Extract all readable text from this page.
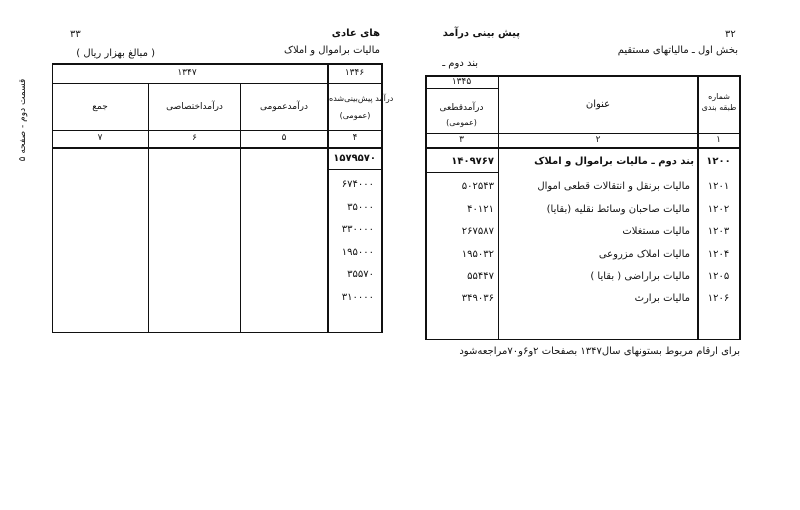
۳۳	های عادی
مالیات براموال و املاک
( مبالغ بهزار ریال )
قسمت دوم - صفحه ۵
۱۳۴۷	۱۳۴۶
جمع	درآمداختصاصی	درآمدعمومی
درآمد پیش‌بینی‌شده
(عمومی)
۷	۶	۵	۴
۱۵۷۹۵۷۰
۶۷۴۰۰۰
۳۵۰۰۰
۳۳۰۰۰۰
۱۹۵۰۰۰
۳۵۵۷۰
۳۱۰۰۰۰
۳۲
پیش بینی درآمد
بخش اول ـ مالیاتهای مستقیم
بند دوم ـ
۱۳۴۵
درآمدقطعی
(عمومی)
عنوان
شماره طبقه بندی
۳	۲	۱
۱۴۰۹۷۶۷	بند دوم ـ مالیات براموال و املاک	۱۲۰۰
۵۰۲۵۴۳	مالیات برنقل و انتقالات قطعی اموال	۱۲۰۱
۴۰۱۲۱	مالیات صاحبان وسائط نقلیه (بقایا)	۱۲۰۲
۲۶۷۵۸۷	مالیات مستغلات	۱۲۰۳
۱۹۵۰۳۲	مالیات املاک مزروعی	۱۲۰۴
۵۵۴۴۷	مالیات براراضی ( بقایا )	۱۲۰۵
۳۴۹۰۳۶	مالیات برارث	۱۲۰۶
برای ارقام مربوط بستونهای سال۱۳۴۷ بصفحات ۲و۶و۷۰مراجعه‌شود
